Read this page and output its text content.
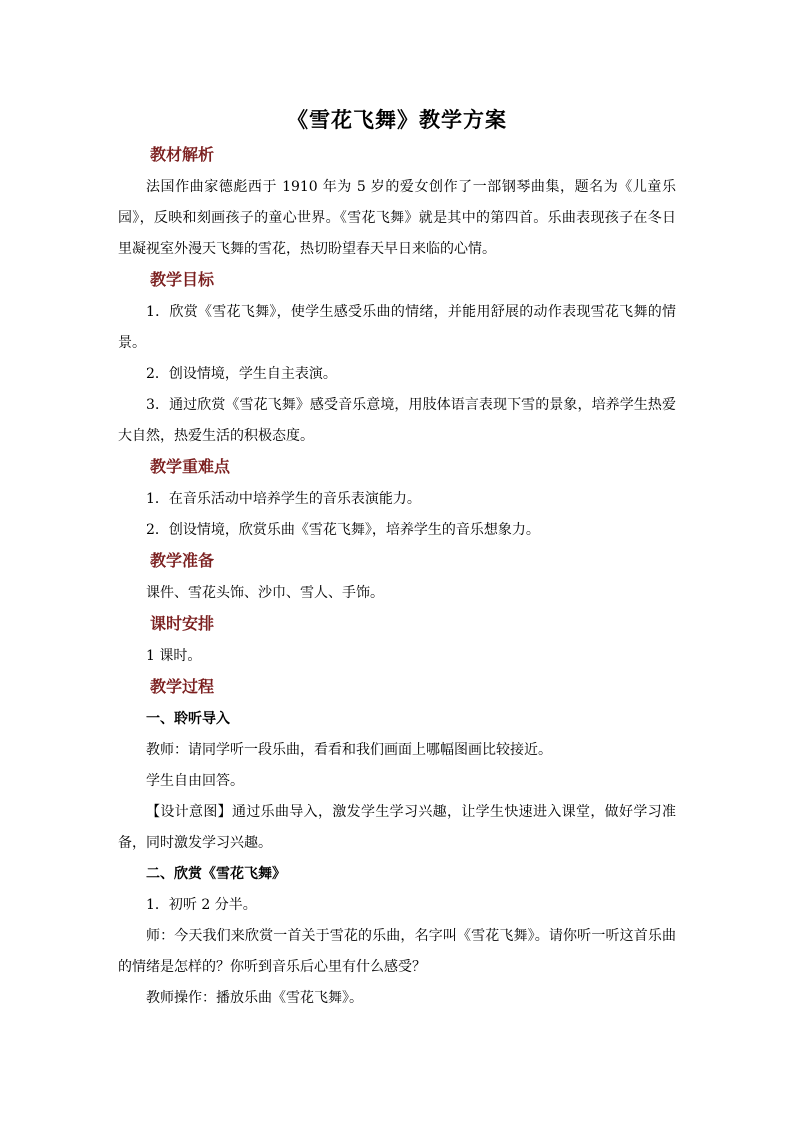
《雪花飞舞》教学方案
教材解析

法国作曲家德彪西于 1910 年为 5 岁的爱女创作了一部钢琴曲集，题名为《儿童乐园》，反映和刻画孩子的童心世界。《雪花飞舞》就是其中的第四首。乐曲表现孩子在冬日里凝视室外漫天飞舞的雪花，热切盼望春天早日来临的心情。

教学目标

1．欣赏《雪花飞舞》，使学生感受乐曲的情绪，并能用舒展的动作表现雪花飞舞的情景。

2．创设情境，学生自主表演。

3．通过欣赏《雪花飞舞》感受音乐意境，用肢体语言表现下雪的景象，培养学生热爱大自然，热爱生活的积极态度。

教学重难点

1．在音乐活动中培养学生的音乐表演能力。

2．创设情境，欣赏乐曲《雪花飞舞》，培养学生的音乐想象力。

教学准备

课件、雪花头饰、沙巾、雪人、手饰。

课时安排

1 课时。

教学过程

一、聆听导入

教师：请同学听一段乐曲，看看和我们画面上哪幅图画比较接近。

学生自由回答。

【设计意图】通过乐曲导入，激发学生学习兴趣，让学生快速进入课堂，做好学习准备，同时激发学习兴趣。

二、欣赏《雪花飞舞》

1．初听 2 分半。

师：今天我们来欣赏一首关于雪花的乐曲，名字叫《雪花飞舞》。请你听一听这首乐曲的情绪是怎样的？你听到音乐后心里有什么感受？

教师操作：播放乐曲《雪花飞舞》。
